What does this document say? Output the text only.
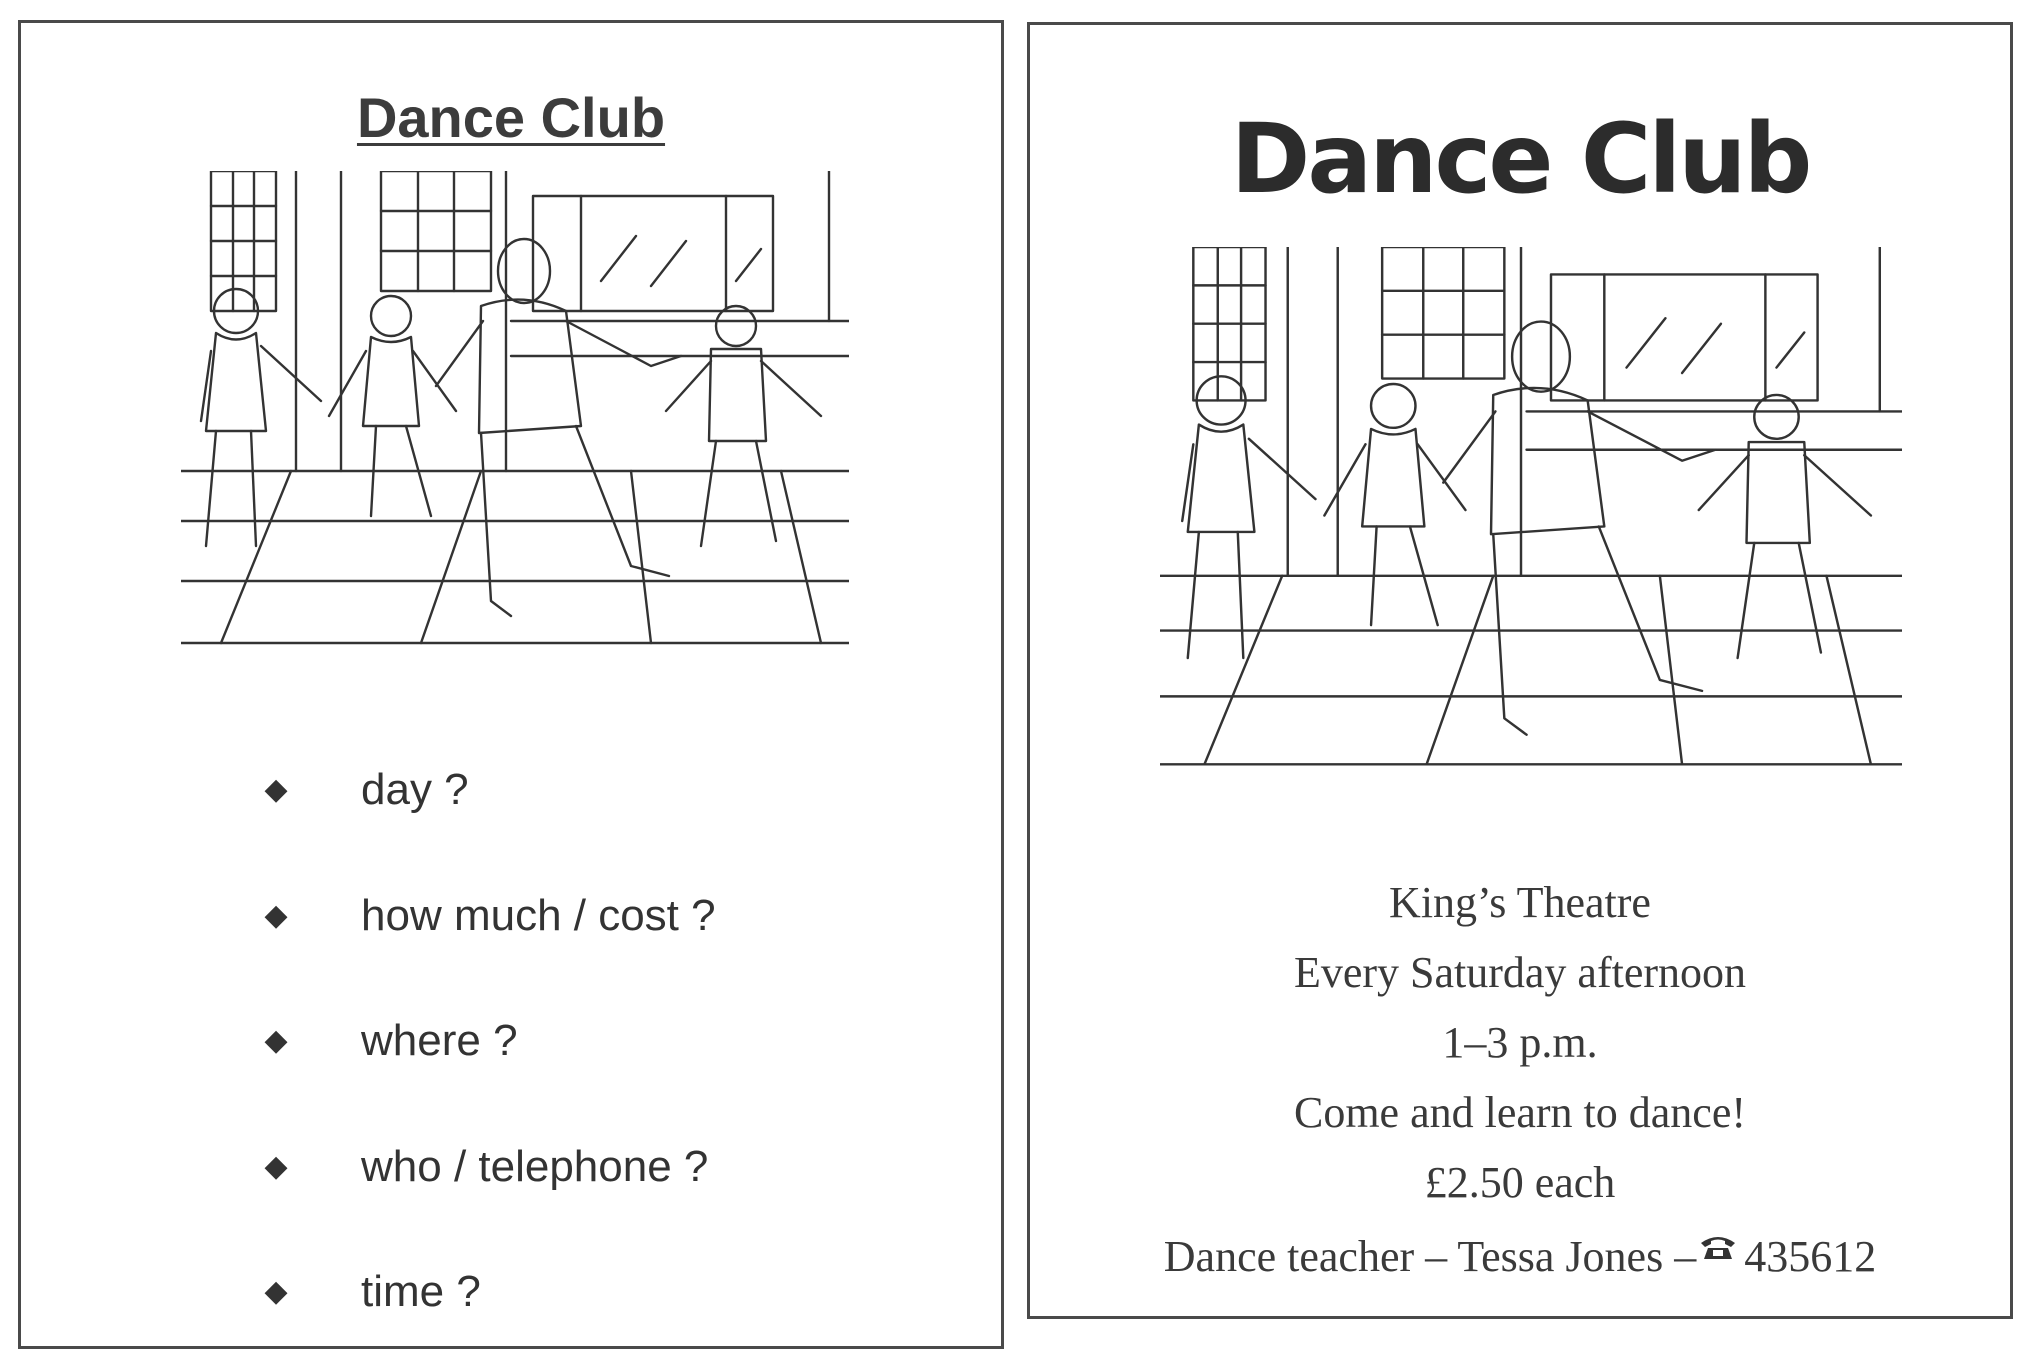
Dance Club
◆ day ?
◆ how much / cost ?
◆ where ?
◆ who / telephone ?
◆ time ?
Dance Club
King’s Theatre
Every Saturday afternoon
1–3 p.m.
Come and learn to dance!
£2.50 each
Dance teacher – Tessa Jones – 435612
